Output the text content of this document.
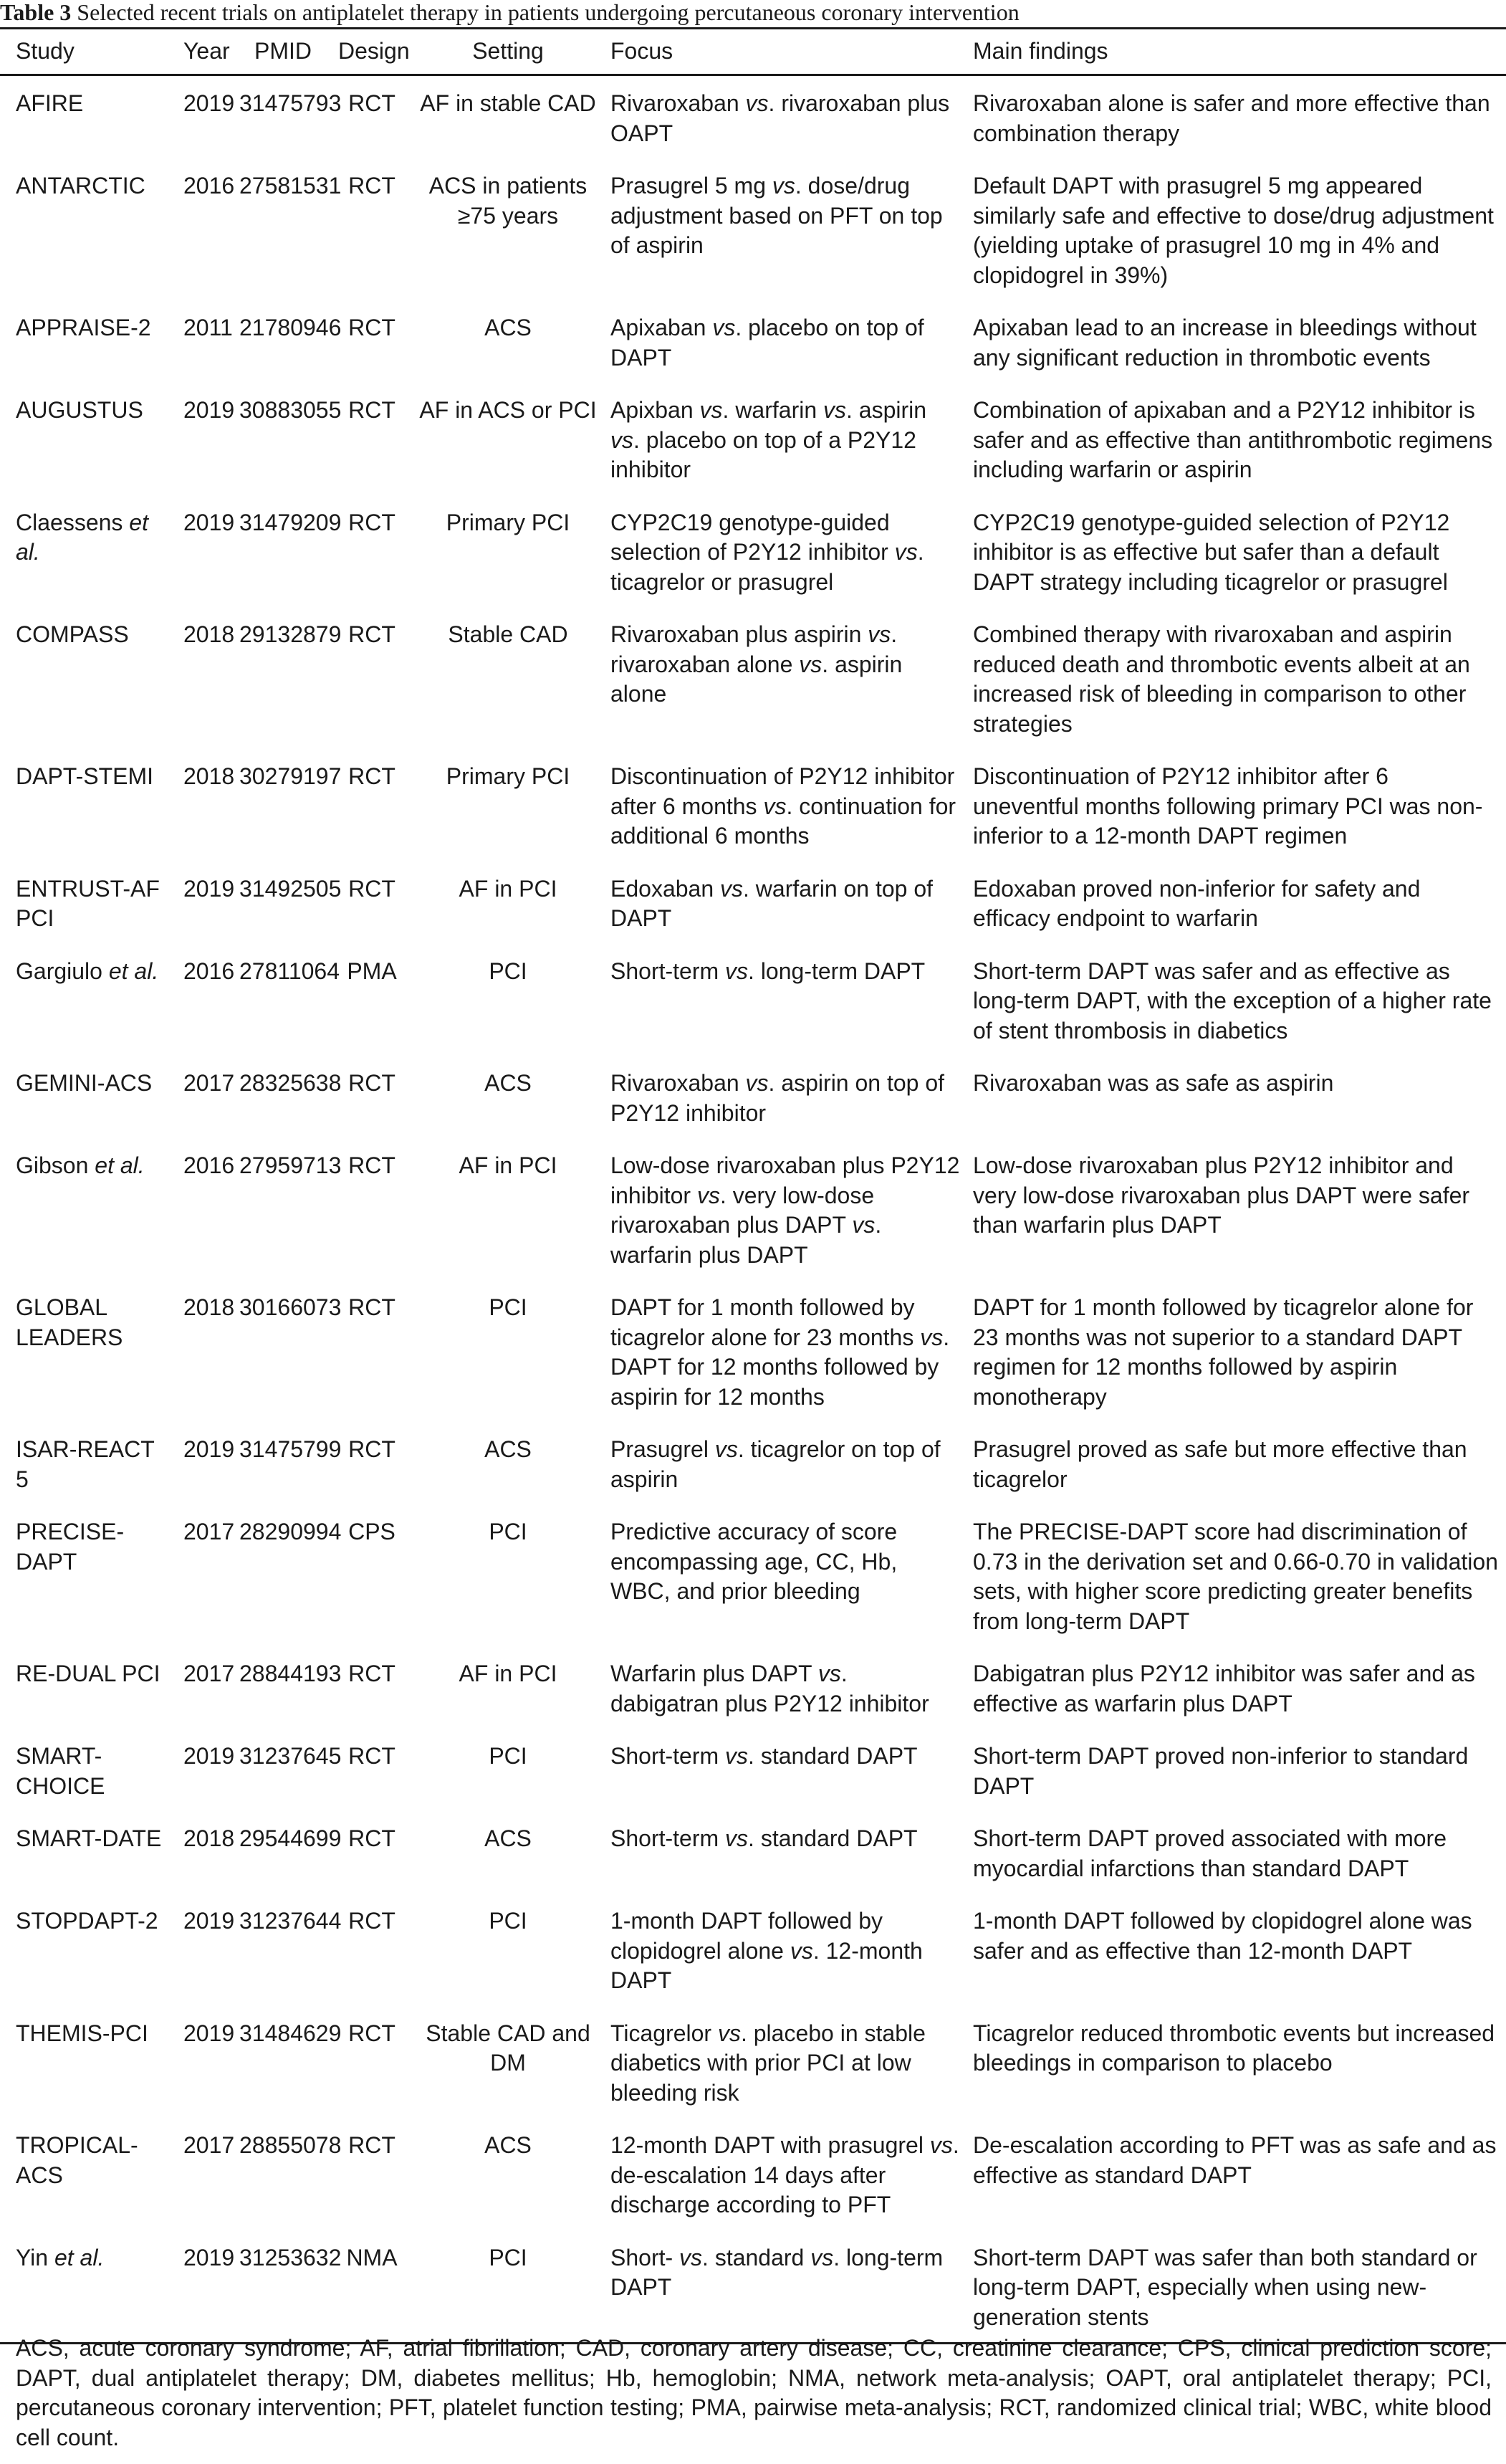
Table 3 Selected recent trials on antiplatelet therapy in patients undergoing percutaneous coronary intervention
Study	Year	PMID	Design	Setting	Focus	Main findings
AFIRE	2019	31475793	RCT	AF in stable CAD	Rivaroxaban vs. rivaroxaban plus OAPT	Rivaroxaban alone is safer and more effective than combination therapy
ANTARCTIC	2016	27581531	RCT	ACS in patients ≥75 years	Prasugrel 5 mg vs. dose/drug adjustment based on PFT on top of aspirin	Default DAPT with prasugrel 5 mg appeared similarly safe and effective to dose/drug adjustment (yielding uptake of prasugrel 10 mg in 4% and clopidogrel in 39%)
APPRAISE-2	2011	21780946	RCT	ACS	Apixaban vs. placebo on top of DAPT	Apixaban lead to an increase in bleedings without any significant reduction in thrombotic events
AUGUSTUS	2019	30883055	RCT	AF in ACS or PCI	Apixban vs. warfarin vs. aspirin vs. placebo on top of a P2Y12 inhibitor	Combination of apixaban and a P2Y12 inhibitor is safer and as effective than antithrombotic regimens including warfarin or aspirin
Claessens et al.	2019	31479209	RCT	Primary PCI	CYP2C19 genotype-guided selection of P2Y12 inhibitor vs. ticagrelor or prasugrel	CYP2C19 genotype-guided selection of P2Y12 inhibitor is as effective but safer than a default DAPT strategy including ticagrelor or prasugrel
COMPASS	2018	29132879	RCT	Stable CAD	Rivaroxaban plus aspirin vs. rivaroxaban alone vs. aspirin alone	Combined therapy with rivaroxaban and aspirin reduced death and thrombotic events albeit at an increased risk of bleeding in comparison to other strategies
DAPT-STEMI	2018	30279197	RCT	Primary PCI	Discontinuation of P2Y12 inhibitor after 6 months vs. continuation for additional 6 months	Discontinuation of P2Y12 inhibitor after 6 uneventful months following primary PCI was non-inferior to a 12-month DAPT regimen
ENTRUST-AF PCI	2019	31492505	RCT	AF in PCI	Edoxaban vs. warfarin on top of DAPT	Edoxaban proved non-inferior for safety and efficacy endpoint to warfarin
Gargiulo et al.	2016	27811064	PMA	PCI	Short-term vs. long-term DAPT	Short-term DAPT was safer and as effective as long-term DAPT, with the exception of a higher rate of stent thrombosis in diabetics
GEMINI-ACS	2017	28325638	RCT	ACS	Rivaroxaban vs. aspirin on top of P2Y12 inhibitor	Rivaroxaban was as safe as aspirin
Gibson et al.	2016	27959713	RCT	AF in PCI	Low-dose rivaroxaban plus P2Y12 inhibitor vs. very low-dose rivaroxaban plus DAPT vs. warfarin plus DAPT	Low-dose rivaroxaban plus P2Y12 inhibitor and very low-dose rivaroxaban plus DAPT were safer than warfarin plus DAPT
GLOBAL LEADERS	2018	30166073	RCT	PCI	DAPT for 1 month followed by ticagrelor alone for 23 months vs. DAPT for 12 months followed by aspirin for 12 months	DAPT for 1 month followed by ticagrelor alone for 23 months was not superior to a standard DAPT regimen for 12 months followed by aspirin monotherapy
ISAR-REACT 5	2019	31475799	RCT	ACS	Prasugrel vs. ticagrelor on top of aspirin	Prasugrel proved as safe but more effective than ticagrelor
PRECISE-DAPT	2017	28290994	CPS	PCI	Predictive accuracy of score encompassing age, CC, Hb, WBC, and prior bleeding	The PRECISE-DAPT score had discrimination of 0.73 in the derivation set and 0.66-0.70 in validation sets, with higher score predicting greater benefits from long-term DAPT
RE-DUAL PCI	2017	28844193	RCT	AF in PCI	Warfarin plus DAPT vs. dabigatran plus P2Y12 inhibitor	Dabigatran plus P2Y12 inhibitor was safer and as effective as warfarin plus DAPT
SMART-CHOICE	2019	31237645	RCT	PCI	Short-term vs. standard DAPT	Short-term DAPT proved non-inferior to standard DAPT
SMART-DATE	2018	29544699	RCT	ACS	Short-term vs. standard DAPT	Short-term DAPT proved associated with more myocardial infarctions than standard DAPT
STOPDAPT-2	2019	31237644	RCT	PCI	1-month DAPT followed by clopidogrel alone vs. 12-month DAPT	1-month DAPT followed by clopidogrel alone was safer and as effective than 12-month DAPT
THEMIS-PCI	2019	31484629	RCT	Stable CAD and DM	Ticagrelor vs. placebo in stable diabetics with prior PCI at low bleeding risk	Ticagrelor reduced thrombotic events but increased bleedings in comparison to placebo
TROPICAL-ACS	2017	28855078	RCT	ACS	12-month DAPT with prasugrel vs. de-escalation 14 days after discharge according to PFT	De-escalation according to PFT was as safe and as effective as standard DAPT
Yin et al.	2019	31253632	NMA	PCI	Short- vs. standard vs. long-term DAPT	Short-term DAPT was safer than both standard or long-term DAPT, especially when using new-generation stents
ACS, acute coronary syndrome; AF, atrial fibrillation; CAD, coronary artery disease; CC, creatinine clearance; CPS, clinical prediction score; DAPT, dual antiplatelet therapy; DM, diabetes mellitus; Hb, hemoglobin; NMA, network meta-analysis; OAPT, oral antiplatelet therapy; PCI, percutaneous coronary intervention; PFT, platelet function testing; PMA, pairwise meta-analysis; RCT, randomized clinical trial; WBC, white blood cell count.
